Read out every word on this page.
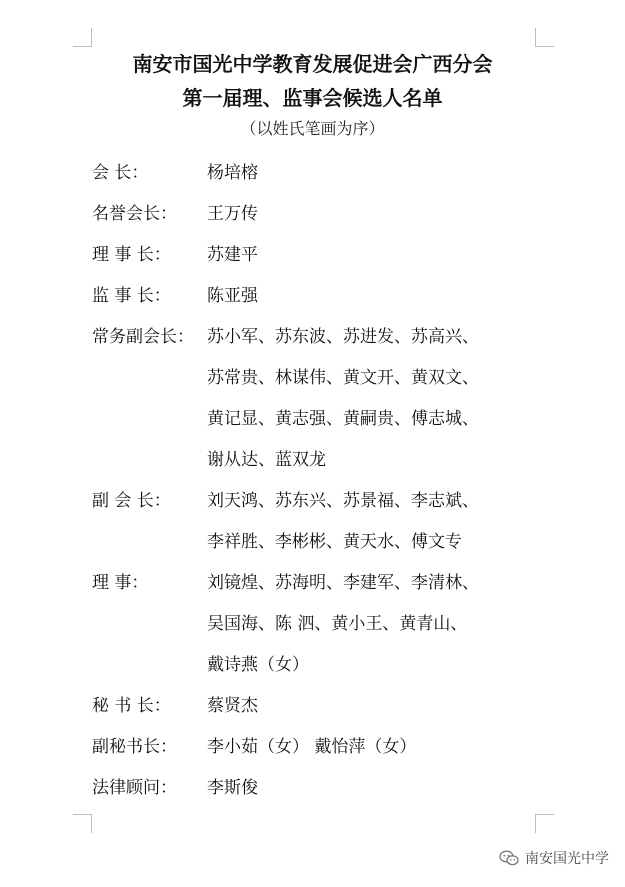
南安市国光中学教育发展促进会广西分会
第一届理、监事会候选人名单
（以姓氏笔画为序）
会 长：	杨培榕
名誉会长：	王万传
理 事 长：	苏建平
监 事 长：	陈亚强
常务副会长： 苏小军、苏东波、苏进发、苏高兴、
苏常贵、林谋伟、黄文开、黄双文、
黄记显、黄志强、黄嗣贵、傅志城、
谢从达、蓝双龙
副 会 长：	刘天鸿、苏东兴、苏景福、李志斌、
李祥胜、李彬彬、黄天水、傅文专
理 事：	刘镜煌、苏海明、李建军、李清林、
吴国海、陈 泗、黄小王、黄青山、
戴诗燕（女）
秘 书 长：	蔡贤杰
副秘书长：	李小茹（女） 戴怡萍（女）
法律顾问：	李斯俊
南安国光中学
